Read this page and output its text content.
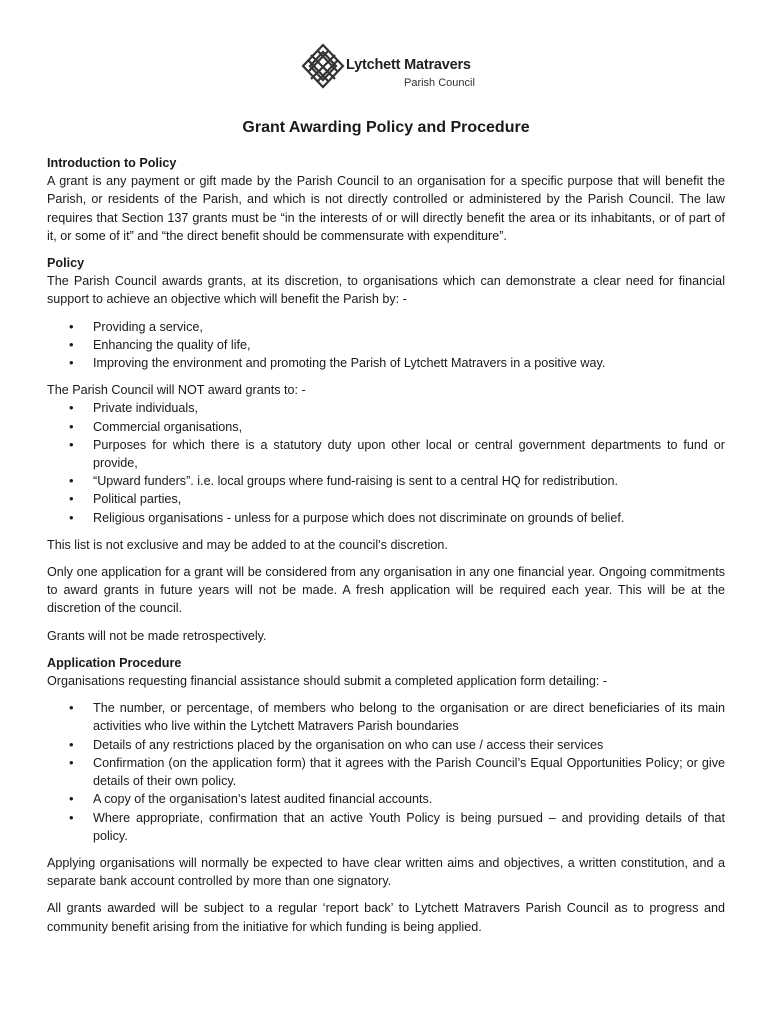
Lytchett Matravers
Parish Council
Grant Awarding Policy and Procedure
Introduction to Policy

A grant is any payment or gift made by the Parish Council to an organisation for a specific purpose that will benefit the Parish, or residents of the Parish, and which is not directly controlled or administered by the Parish Council. The law requires that Section 137 grants must be “in the interests of or will directly benefit the area or its inhabitants, or of part of it, or some of it” and “the direct benefit should be commensurate with expenditure”.

Policy

The Parish Council awards grants, at its discretion, to organisations which can demonstrate a clear need for financial support to achieve an objective which will benefit the Parish by: -

• Providing a service,
• Enhancing the quality of life,
• Improving the environment and promoting the Parish of Lytchett Matravers in a positive way.

The Parish Council will NOT award grants to: -

• Private individuals,
• Commercial organisations,
• Purposes for which there is a statutory duty upon other local or central government departments to fund or provide,
• “Upward funders”. i.e. local groups where fund-raising is sent to a central HQ for redistribution.
• Political parties,
• Religious organisations - unless for a purpose which does not discriminate on grounds of belief.

This list is not exclusive and may be added to at the council’s discretion.

Only one application for a grant will be considered from any organisation in any one financial year. Ongoing commitments to award grants in future years will not be made. A fresh application will be required each year. This will be at the discretion of the council.

Grants will not be made retrospectively.

Application Procedure

Organisations requesting financial assistance should submit a completed application form detailing: -

• The number, or percentage, of members who belong to the organisation or are direct beneficiaries of its main activities who live within the Lytchett Matravers Parish boundaries
• Details of any restrictions placed by the organisation on who can use / access their services
• Confirmation (on the application form) that it agrees with the Parish Council’s Equal Opportunities Policy; or give details of their own policy.
• A copy of the organisation’s latest audited financial accounts.
• Where appropriate, confirmation that an active Youth Policy is being pursued – and providing details of that policy.

Applying organisations will normally be expected to have clear written aims and objectives, a written constitution, and a separate bank account controlled by more than one signatory.

All grants awarded will be subject to a regular ‘report back’ to Lytchett Matravers Parish Council as to progress and community benefit arising from the initiative for which funding is being applied.
